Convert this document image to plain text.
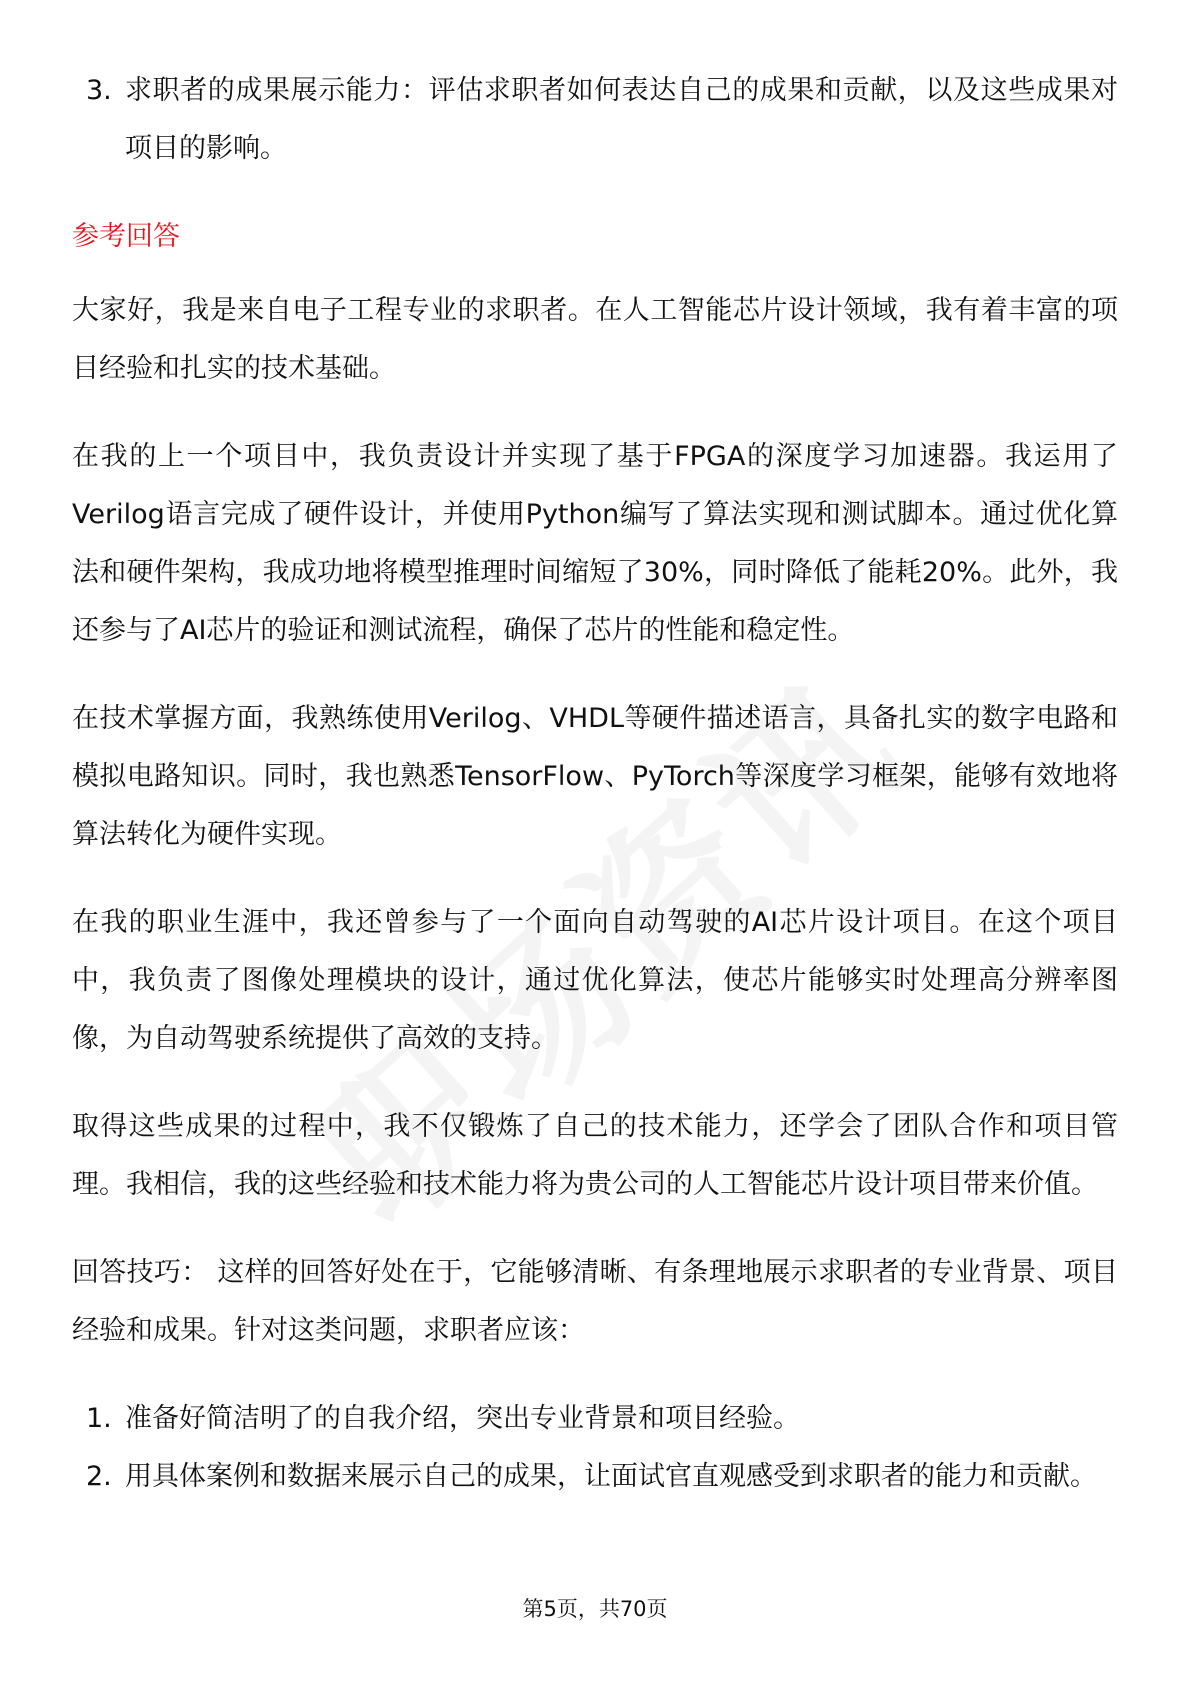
3. 求职者的成果展示能力：评估求职者如何表达自己的成果和贡献，以及这些成果对项目的影响。
参考回答

大家好，我是来自电子工程专业的求职者。在人工智能芯片设计领域，我有着丰富的项目经验和扎实的技术基础。

在我的上一个项目中，我负责设计并实现了基于FPGA的深度学习加速器。我运用了Verilog语言完成了硬件设计，并使用Python编写了算法实现和测试脚本。通过优化算法和硬件架构，我成功地将模型推理时间缩短了30%，同时降低了能耗20%。此外，我还参与了AI芯片的验证和测试流程，确保了芯片的性能和稳定性。

在技术掌握方面，我熟练使用Verilog、VHDL等硬件描述语言，具备扎实的数字电路和模拟电路知识。同时，我也熟悉TensorFlow、PyTorch等深度学习框架，能够有效地将算法转化为硬件实现。

在我的职业生涯中，我还曾参与了一个面向自动驾驶的AI芯片设计项目。在这个项目中，我负责了图像处理模块的设计，通过优化算法，使芯片能够实时处理高分辨率图像，为自动驾驶系统提供了高效的支持。

取得这些成果的过程中，我不仅锻炼了自己的技术能力，还学会了团队合作和项目管理。我相信，我的这些经验和技术能力将为贵公司的人工智能芯片设计项目带来价值。

回答技巧： 这样的回答好处在于，它能够清晰、有条理地展示求职者的专业背景、项目经验和成果。针对这类问题，求职者应该：

1. 准备好简洁明了的自我介绍，突出专业背景和项目经验。
2. 用具体案例和数据来展示自己的成果，让面试官直观感受到求职者的能力和贡献。
第5页，共70页
